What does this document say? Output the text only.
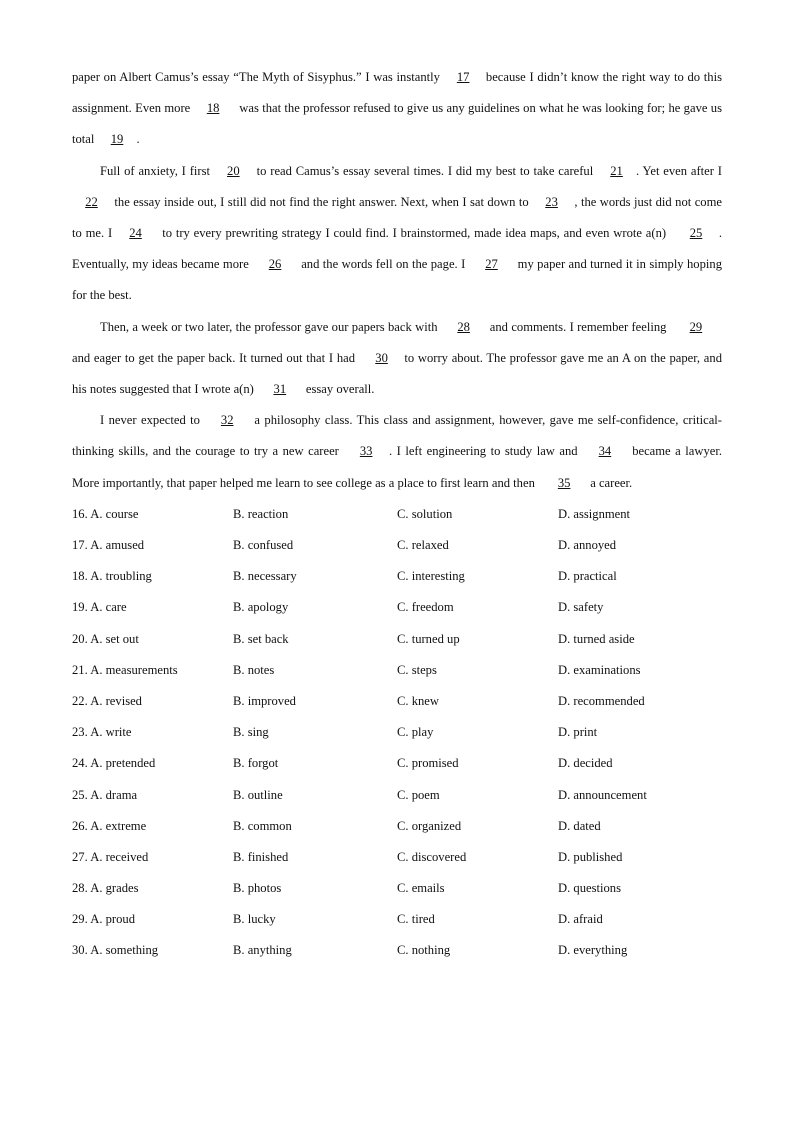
paper on Albert Camus’s essay “The Myth of Sisyphus.” I was instantly 17 because I didn’t know the right way to do this assignment. Even more 18 was that the professor refused to give us any guidelines on what he was looking for; he gave us total 19 .

Full of anxiety, I first 20 to read Camus’s essay several times. I did my best to take careful 21 . Yet even after I 22 the essay inside out, I still did not find the right answer. Next, when I sat down to 23 , the words just did not come to me. I 24 to try every prewriting strategy I could find. I brainstormed, made idea maps, and even wrote a(n) 25 . Eventually, my ideas became more 26 and the words fell on the page. I 27 my paper and turned it in simply hoping for the best.

Then, a week or two later, the professor gave our papers back with 28 and comments. I remember feeling 29 and eager to get the paper back. It turned out that I had 30 to worry about. The professor gave me an A on the paper, and his notes suggested that I wrote a(n) 31 essay overall.

I never expected to 32 a philosophy class. This class and assignment, however, gave me self-confidence, critical-thinking skills, and the courage to try a new career 33 . I left engineering to study law and 34 became a lawyer. More importantly, that paper helped me learn to see college as a place to first learn and then 35 a career.

16. A. course	B. reaction	C. solution	D. assignment
17. A. amused	B. confused	C. relaxed	D. annoyed
18. A. troubling	B. necessary	C. interesting	D. practical
19. A. care	B. apology	C. freedom	D. safety
20. A. set out	B. set back	C. turned up	D. turned aside
21. A. measurements	B. notes	C. steps	D. examinations
22. A. revised	B. improved	C. knew	D. recommended
23. A. write	B. sing	C. play	D. print
24. A. pretended	B. forgot	C. promised	D. decided
25. A. drama	B. outline	C. poem	D. announcement
26. A. extreme	B. common	C. organized	D. dated
27. A. received	B. finished	C. discovered	D. published
28. A. grades	B. photos	C. emails	D. questions
29. A. proud	B. lucky	C. tired	D. afraid
30. A. something	B. anything	C. nothing	D. everything
